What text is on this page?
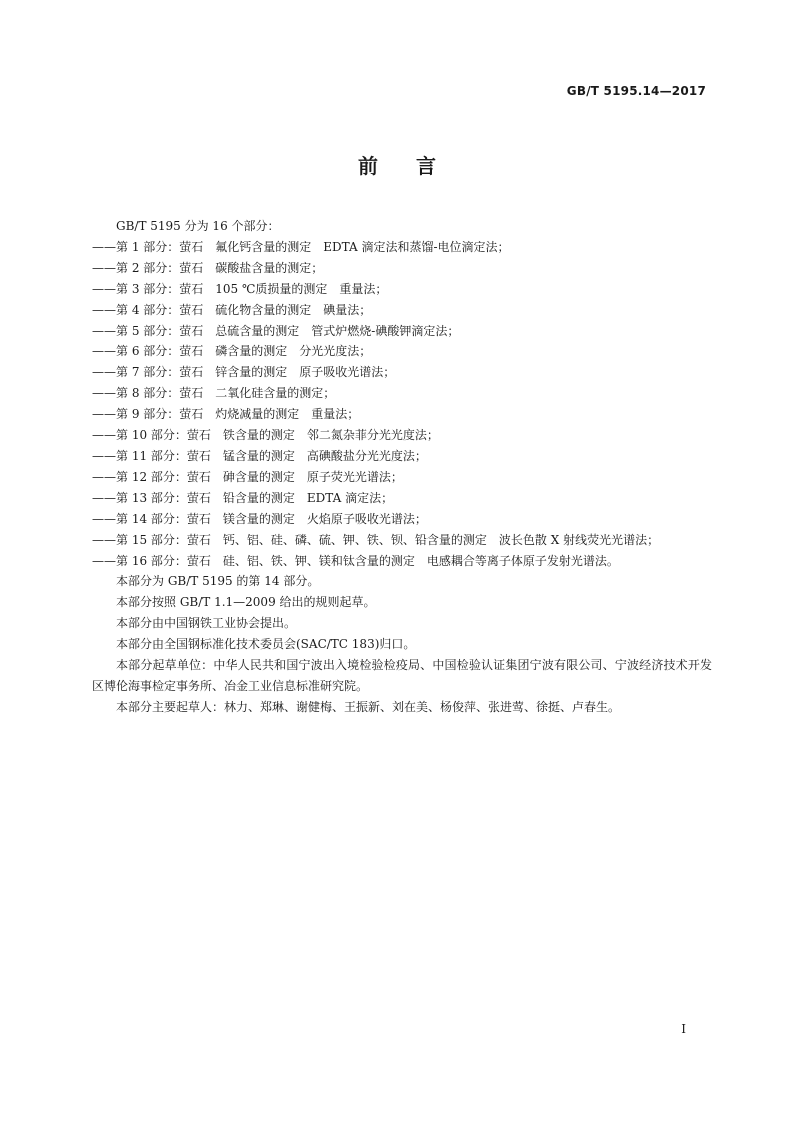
GB/T 5195.14—2017
前言
GB/T 5195 分为 16 个部分：
——第 1 部分：萤石 氟化钙含量的测定 EDTA 滴定法和蒸馏-电位滴定法；
——第 2 部分：萤石 碳酸盐含量的测定；
——第 3 部分：萤石 105 ℃质损量的测定 重量法；
——第 4 部分：萤石 硫化物含量的测定 碘量法；
——第 5 部分：萤石 总硫含量的测定 管式炉燃烧-碘酸钾滴定法；
——第 6 部分：萤石 磷含量的测定 分光光度法；
——第 7 部分：萤石 锌含量的测定 原子吸收光谱法；
——第 8 部分：萤石 二氧化硅含量的测定；
——第 9 部分：萤石 灼烧减量的测定 重量法；
——第 10 部分：萤石 铁含量的测定 邻二氮杂菲分光光度法；
——第 11 部分：萤石 锰含量的测定 高碘酸盐分光光度法；
——第 12 部分：萤石 砷含量的测定 原子荧光光谱法；
——第 13 部分：萤石 铅含量的测定 EDTA 滴定法；
——第 14 部分：萤石 镁含量的测定 火焰原子吸收光谱法；
——第 15 部分：萤石 钙、铝、硅、磷、硫、钾、铁、钡、铅含量的测定 波长色散 X 射线荧光光谱法；
——第 16 部分：萤石 硅、铝、铁、钾、镁和钛含量的测定 电感耦合等离子体原子发射光谱法。
本部分为 GB/T 5195 的第 14 部分。
本部分按照 GB/T 1.1—2009 给出的规则起草。
本部分由中国钢铁工业协会提出。
本部分由全国钢标准化技术委员会(SAC/TC 183)归口。
本部分起草单位：中华人民共和国宁波出入境检验检疫局、中国检验认证集团宁波有限公司、宁波经济技术开发区博伦海事检定事务所、冶金工业信息标准研究院。
本部分主要起草人：林力、郑琳、谢健梅、王振新、刘在美、杨俊萍、张进莺、徐挺、卢春生。
I
